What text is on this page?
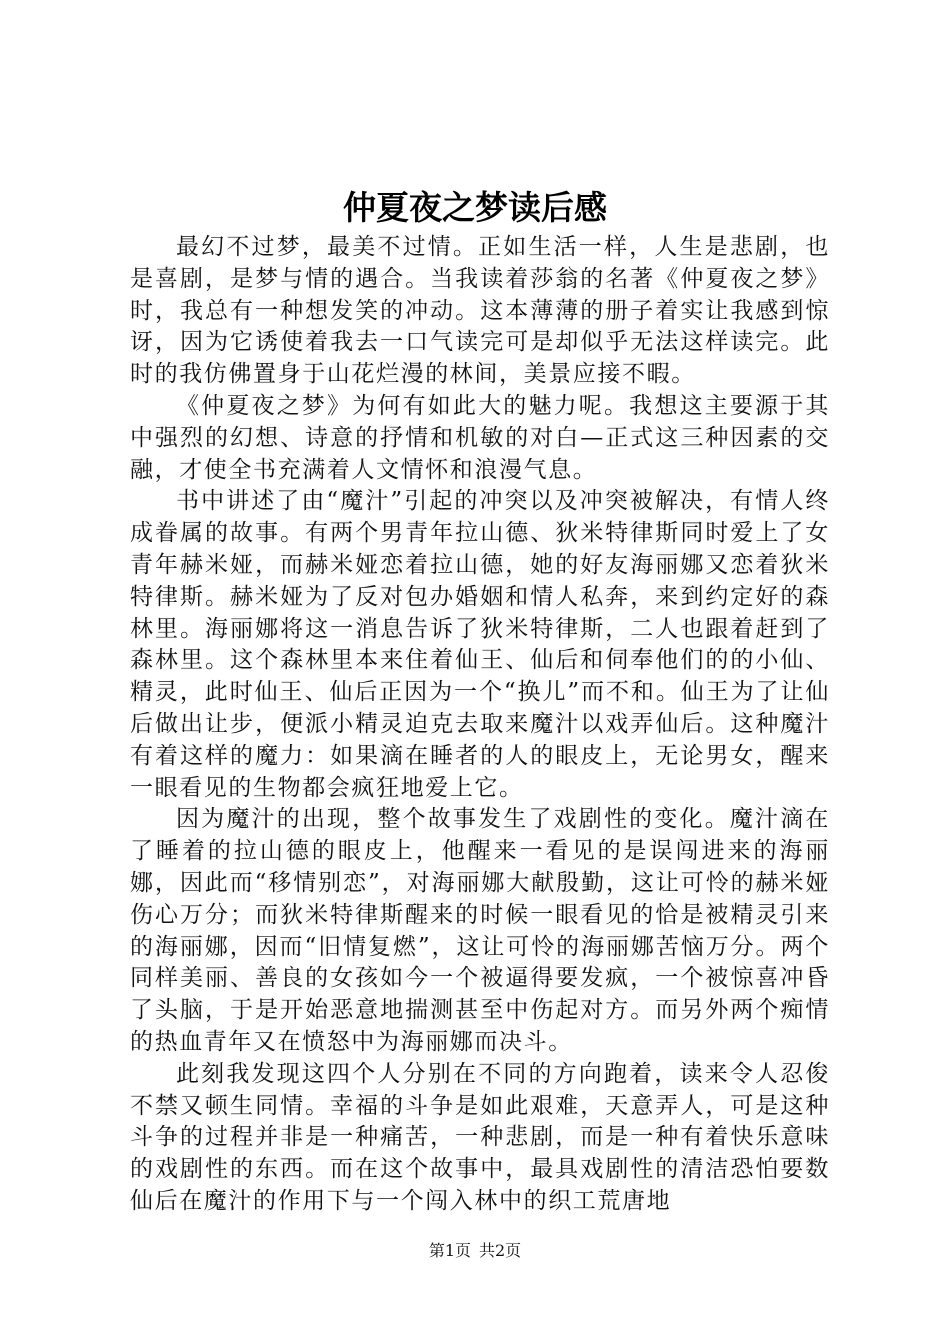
仲夏夜之梦读后感

最幻不过梦，最美不过情。正如生活一样，人生是悲剧，也是喜剧，是梦与情的遇合。当我读着莎翁的名著《仲夏夜之梦》时，我总有一种想发笑的冲动。这本薄薄的册子着实让我感到惊讶，因为它诱使着我去一口气读完可是却似乎无法这样读完。此时的我仿佛置身于山花烂漫的林间，美景应接不暇。

《仲夏夜之梦》为何有如此大的魅力呢。我想这主要源于其中强烈的幻想、诗意的抒情和机敏的对白—正式这三种因素的交融，才使全书充满着人文情怀和浪漫气息。

书中讲述了由“魔汁”引起的冲突以及冲突被解决，有情人终成眷属的故事。有两个男青年拉山德、狄米特律斯同时爱上了女青年赫米娅，而赫米娅恋着拉山德，她的好友海丽娜又恋着狄米特律斯。赫米娅为了反对包办婚姻和情人私奔，来到约定好的森林里。海丽娜将这一消息告诉了狄米特律斯，二人也跟着赶到了森林里。这个森林里本来住着仙王、仙后和伺奉他们的的小仙、精灵，此时仙王、仙后正因为一个“换儿”而不和。仙王为了让仙后做出让步，便派小精灵迫克去取来魔汁以戏弄仙后。这种魔汁有着这样的魔力：如果滴在睡者的人的眼皮上，无论男女，醒来一眼看见的生物都会疯狂地爱上它。

因为魔汁的出现，整个故事发生了戏剧性的变化。魔汁滴在了睡着的拉山德的眼皮上，他醒来一看见的是误闯进来的海丽娜，因此而“移情别恋”，对海丽娜大献殷勤，这让可怜的赫米娅伤心万分；而狄米特律斯醒来的时候一眼看见的恰是被精灵引来的海丽娜，因而“旧情复燃”，这让可怜的海丽娜苦恼万分。两个同样美丽、善良的女孩如今一个被逼得要发疯，一个被惊喜冲昏了头脑，于是开始恶意地揣测甚至中伤起对方。而另外两个痴情的热血青年又在愤怒中为海丽娜而决斗。

此刻我发现这四个人分别在不同的方向跑着，读来令人忍俊不禁又顿生同情。幸福的斗争是如此艰难，天意弄人，可是这种斗争的过程并非是一种痛苦，一种悲剧，而是一种有着快乐意味的戏剧性的东西。而在这个故事中，最具戏剧性的清洁恐怕要数仙后在魔汁的作用下与一个闯入林中的织工荒唐地

第1页 共2页
